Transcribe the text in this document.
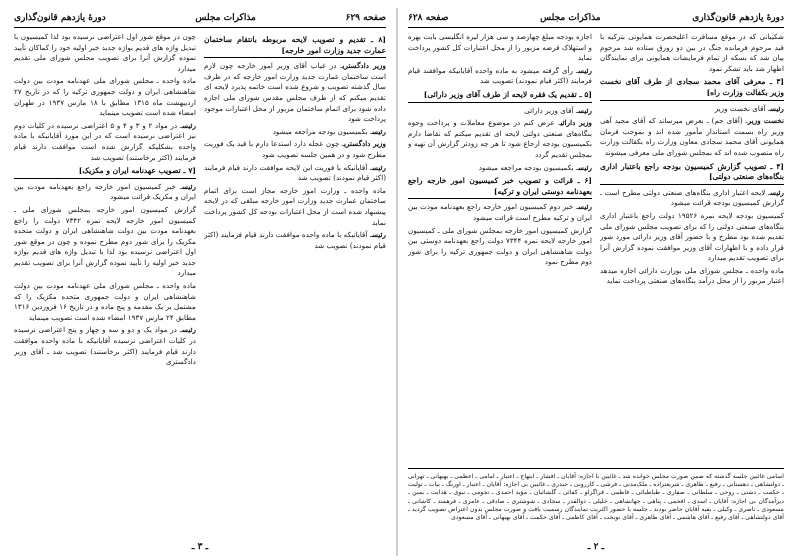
صفحه ۶۲۹
مذاکرات مجلس
دورهٔ یازدهم قانون‌گذاری
[۸ ـ تقدیم و تصویب لایحه مربوطه بانتقام ساختمان عمارت جدید وزارت امور خارجه]

وزیر دادگستریـ در غیاب آقای وزیر امور خارجه چون لازم است ساختمان عمارت جدید وزارت امور خارجه که در ظرف سال گذشته تصویب و شروع شده است خاتمه پذیرد لایحه ای تقدیم میکنم که از طرف مجلس مقدس شورای ملی اجازه داده شود برای اتمام ساختمان مزبور از محل اعتبارات موجود پرداخت شود

رئیسـ بکمیسیون بودجه مراجعه میشود

وزیر دادگستریـ چون عجله دارد استدعا دارم با قید یک فوریت مطرح شود و در همین جلسه تصویب شود

رئیسـ آقایانیکه با فوریت این لایحه موافقت دارند قیام فرمایند (اکثر قیام نمودند) تصویب شد

ماده واحده ـ وزارت امور خارجه مجاز است برای اتمام ساختمان عمارت جدید وزارت امور خارجه مبلغی که در لایحه پیشنهاد شده است از محل اعتبارات بودجه کل کشور پرداخت نماید

رئیسـ آقایانیکه با ماده واحده موافقت دارند قیام فرمایند (اکثر قیام نمودند) تصویب شد

چون در موقع شور اول اعتراضی نرسیده بود لذا کمیسیون با تبدیل واژه های قدیم بواژه جدید خبر اولیه خود را کماکان تأیید نموده گزارش آنرا برای تصویب مجلس شورای ملی تقدیم میدارد

ماده واحده ـ مجلس شورای ملی عهدنامه مودت بین دولت شاهنشاهی ایران و دولت جمهوری ترکیه را که در تاریخ ۲۷ اردیبهشت ماه ۱۳۱۵ مطابق با ۱۸ مارس ۱۹۳۷ در طهران امضاء شده است تصویب مینماید

رئیسـ در مواد ۲ و ۳ و ۴ و ۵ اعتراضی نرسیده در کلیات دوم نیز اعتراضی نرسیده است که در این مورد آقایانیکه با ماده واحده بشکلیکه گزارش شده است موافقت دارند قیام فرمایند (اکثر برخاستند) تصویب شد

[۷ ـ تصویب عهدنامه ایران و مکزیک]

رئیسـ خبر کمیسیون امور خارجه راجع بعهدنامه مودت بین ایران و مکزیک قرائت میشود

گزارش کمیسیون امور خارجه بمجلس شورای ملی ـ کمیسیون امور خارجه لایحه نمره ۷۳۴۲ دولت را راجع بعهدنامه مودت بین دولت شاهنشاهی ایران و دولت متحده مکزیک را برای شور دوم مطرح نموده و چون در موقع شور اول اعتراضی نرسیده بود لذا با تبدیل واژه های قدیم بواژه جدید خبر اولیه را تأیید نموده گزارش آنرا برای تصویب تقدیم میدارد

ماده واحده ـ مجلس شورای ملی عهدنامه مودت بین دولت شاهنشاهی ایران و دولت جمهوری متحده مکزیک را که مشتمل بر یک مقدمه و پنج ماده و در تاریخ ۱۶ فروردین ۱۳۱۶ مطابق ۲۴ مارس ۱۹۳۷ امضاء شده است تصویب مینماید

رئیسـ در مواد یک و دو و سه و چهار و پنج اعتراضی نرسیده در کلیات اعتراضی نرسیده آقایانیکه با ماده واحده موافقت دارند قیام فرمایند (اکثر برخاستند) تصویب شد ـ آقای وزیر دادگستری

ـ ۳ ـ
دورهٔ یازدهم قانون‌گذاری
مذاکرات مجلس
صفحه ۶۲۸

شکیباتی که در موقع مسافرت اعلیحضرت همایونی بترکیه با قید مرحوم فرمانده جنگ در بین دو زورق ستاده شد مرحوم بیان شد که بسکه از تمام فرمایشات همایونی برای نمایندگان اظهار شد باید تشکر نمود

[۳ ـ معرفی آقای محمد سجادی از طرف آقای نخست وزیر بکفالت وزارت راه]

رئیسـ آقای نخست وزیر

نخست وزیرـ (آقای جم) ـ بعرض میرساند که آقای مجید آهی وزیر راه بسمت استاندار مأمور شده اند و بموجب فرمان همایونی آقای محمد سجادی معاون وزارت راه بکفالت وزارت راه منصوب شده اند که بمجلس شورای ملی معرفی میشوند

[۴ ـ تصویب گزارش کمیسیون بودجه راجع باعتبار اداری بنگاه‌های صنعتی دولتی]

رئیسـ لایحه اعتبار اداری بنگاه‌های صنعتی دولتی مطرح است ـ گزارش کمیسیون بودجه قرائت میشود

کمیسیون بودجه لایحه نمره ۱۹۵۲۶ دولت راجع باعتبار اداری بنگاه‌های صنعتی دولتی را که برای تصویب مجلس شورای ملی تقدیم شده بود مطرح و با حضور آقای وزیر دارائی مورد شور قرار داده و با اظهارات آقای وزیر موافقت نموده گزارش آنرا برای تصویب تقدیم میدارد

ماده واحده ـ مجلس شورای ملی بوزارت دارائی اجازه میدهد اعتبار مزبور را از محل درآمد بنگاه‌های صنعتی پرداخت نماید

اجازه بودجه مبلغ چهارصد و سی هزار لیره انگلیسی بابت بهره و استهلاک قرضه مزبور را از محل اعتبارات کل کشور پرداخت نماید

رئیسـ رأی گرفته میشود به ماده واحده آقایانیکه موافقند قیام فرمایند (اکثر قیام نمودند) تصویب شد

[۵ ـ تقدیم یک فقره لایحه از طرف آقای وزیر دارائی]

رئیسـ آقای وزیر دارائی

وزیر دارائیـ عرض کنم در موضوع معاملات و پرداخت وجوه بنگاه‌های صنعتی دولتی لایحه ای تقدیم میکنم که تقاضا دارم بکمیسیون بودجه ارجاع شود تا هر چه زودتر گزارش آن تهیه و بمجلس تقدیم گردد

رئیسـ بکمیسیون بودجه مراجعه میشود

[۶ ـ قرائت و تصویب خبر کمیسیون امور خارجه راجع بعهدنامه دوستی ایران و ترکیه]

رئیسـ خبر دوم کمیسیون امور خارجه راجع بعهدنامه مودت بین ایران و ترکیه مطرح است قرائت میشود

گزارش کمیسیون امور خارجه بمجلس شورای ملی ـ کمیسیون امور خارجه لایحه نمره ۷۳۴۴ دولت راجع بعهدنامه دوستی بین دولت شاهنشاهی ایران و دولت جمهوری ترکیه را برای شور دوم مطرح نمود

اسامی غائبین جلسه گذشته که ضمن صورت مجلس خوانده شد ـ غائبین با اجازه: آقایان ـ افشار ـ ابتهاج ـ اعتبار ـ امامی ـ اعظمی ـ بهبهانی ـ تهرانی ـ دولتشاهی ـ دهستانی ـ رفیع ـ طاهری ـ شریعتزاده ـ ملک‌مدنی ـ فرشی ـ کازرونی ـ حیدری ـ غائبین بی اجازه: آقایان ـ اعتبار ـ اورنگ ـ بیات ـ تولیت ـ حکمت ـ دشتی ـ روحی ـ سلطانی ـ صفاری ـ طباطبائی ـ فاطمی ـ قراگزلو ـ کفائی ـ گلشائیان ـ مؤید احمدی ـ نجومی ـ نبوی ـ هدایت ـ یمین ـ دیرآمدگان بی اجازه: آقایان ـ اسدی ـ افخمی ـ پناهی ـ جهانشاهی ـ خلیلی ـ ذوالقدر ـ سجادی ـ شوشتری ـ صادقی ـ عامری ـ فرهمند ـ کاشانی ـ مسعودی ـ ناصری ـ وکیلی ـ بقیه آقایان حاضر بودند ـ جلسه با حضور اکثریت نمایندگان رسمیت یافت و صورت مجلس بدون اعتراض تصویب گردید ـ آقای دولتشاهی ـ آقای رفیع ـ آقای هاشمی ـ آقای طاهری ـ آقای نوبخت ـ آقای کاظمی ـ آقای حکمت ـ آقای بهبهانی ـ آقای مسعودی
ـ ۲ ـ
